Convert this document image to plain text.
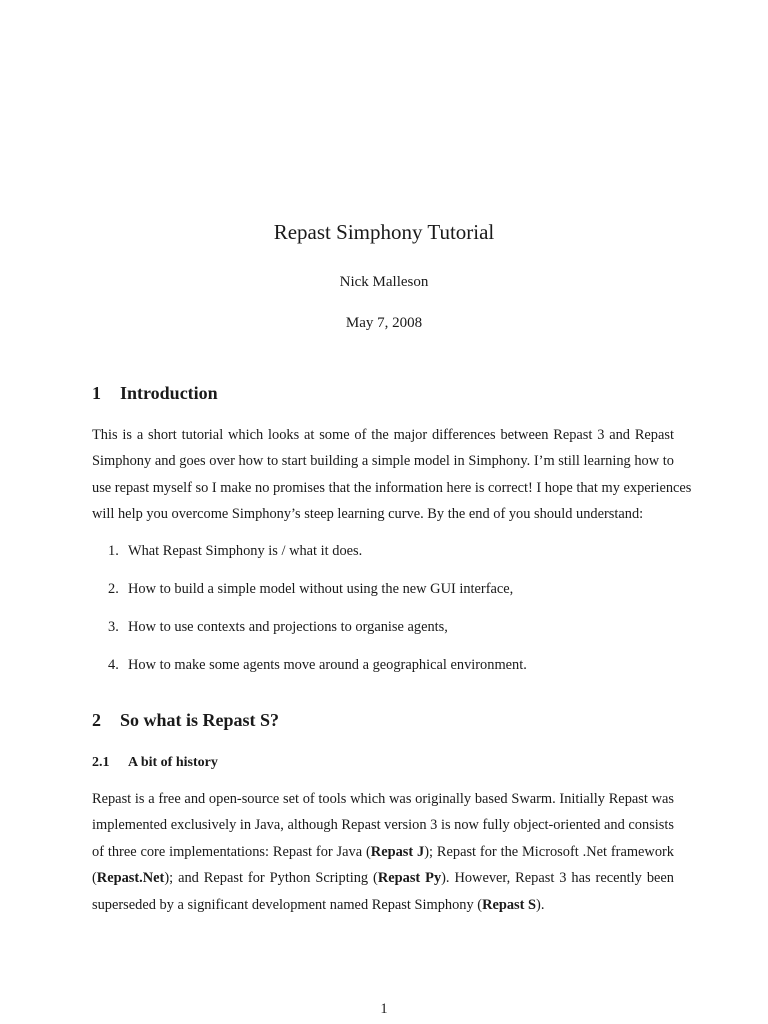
Repast Simphony Tutorial
Nick Malleson
May 7, 2008
1 Introduction
This is a short tutorial which looks at some of the major differences between Repast 3 and Repast
Simphony and goes over how to start building a simple model in Simphony. I’m still learning how to
use repast myself so I make no promises that the information here is correct! I hope that my experiences
will help you overcome Simphony’s steep learning curve. By the end of you should understand:
1. What Repast Simphony is / what it does.
2. How to build a simple model without using the new GUI interface,
3. How to use contexts and projections to organise agents,
4. How to make some agents move around a geographical environment.
2 So what is Repast S?
2.1 A bit of history
Repast is a free and open-source set of tools which was originally based Swarm. Initially Repast was
implemented exclusively in Java, although Repast version 3 is now fully object-oriented and consists
of three core implementations: Repast for Java (Repast J); Repast for the Microsoft .Net framework
(Repast.Net); and Repast for Python Scripting (Repast Py). However, Repast 3 has recently been
superseded by a significant development named Repast Simphony (Repast S).
1
